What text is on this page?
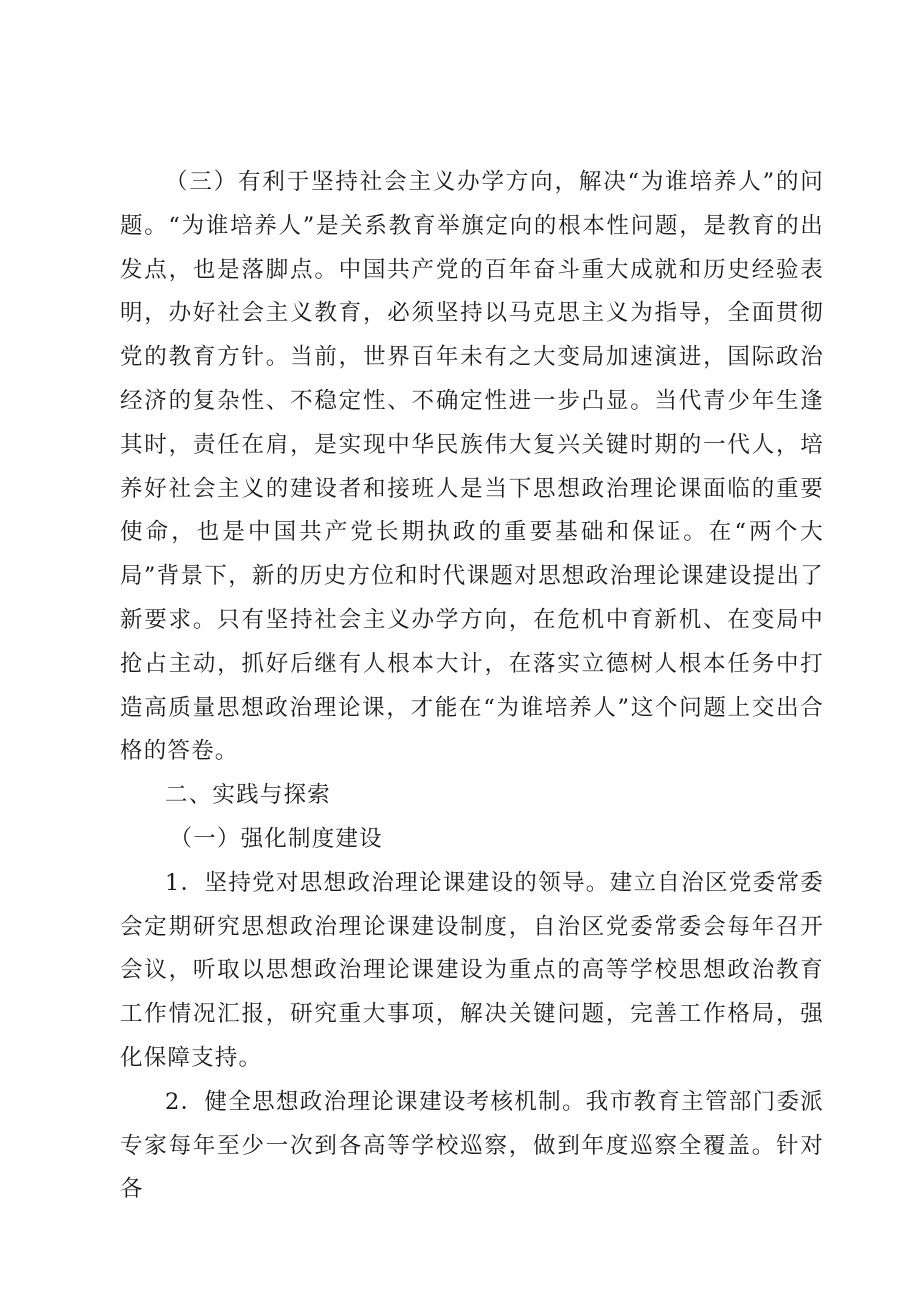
（三）有利于坚持社会主义办学方向，解决“为谁培养人”的问题。“为谁培养人”是关系教育举旗定向的根本性问题，是教育的出发点，也是落脚点。中国共产党的百年奋斗重大成就和历史经验表明，办好社会主义教育，必须坚持以马克思主义为指导，全面贯彻党的教育方针。当前，世界百年未有之大变局加速演进，国际政治经济的复杂性、不稳定性、不确定性进一步凸显。当代青少年生逢其时，责任在肩，是实现中华民族伟大复兴关键时期的一代人，培养好社会主义的建设者和接班人是当下思想政治理论课面临的重要使命，也是中国共产党长期执政的重要基础和保证。在“两个大局”背景下，新的历史方位和时代课题对思想政治理论课建设提出了新要求。只有坚持社会主义办学方向，在危机中育新机、在变局中抢占主动，抓好后继有人根本大计，在落实立德树人根本任务中打造高质量思想政治理论课，才能在“为谁培养人”这个问题上交出合格的答卷。

二、实践与探索

（一）强化制度建设

1．坚持党对思想政治理论课建设的领导。建立自治区党委常委会定期研究思想政治理论课建设制度，自治区党委常委会每年召开会议，听取以思想政治理论课建设为重点的高等学校思想政治教育工作情况汇报，研究重大事项，解决关键问题，完善工作格局，强化保障支持。

2．健全思想政治理论课建设考核机制。我市教育主管部门委派专家每年至少一次到各高等学校巡察，做到年度巡察全覆盖。针对各
